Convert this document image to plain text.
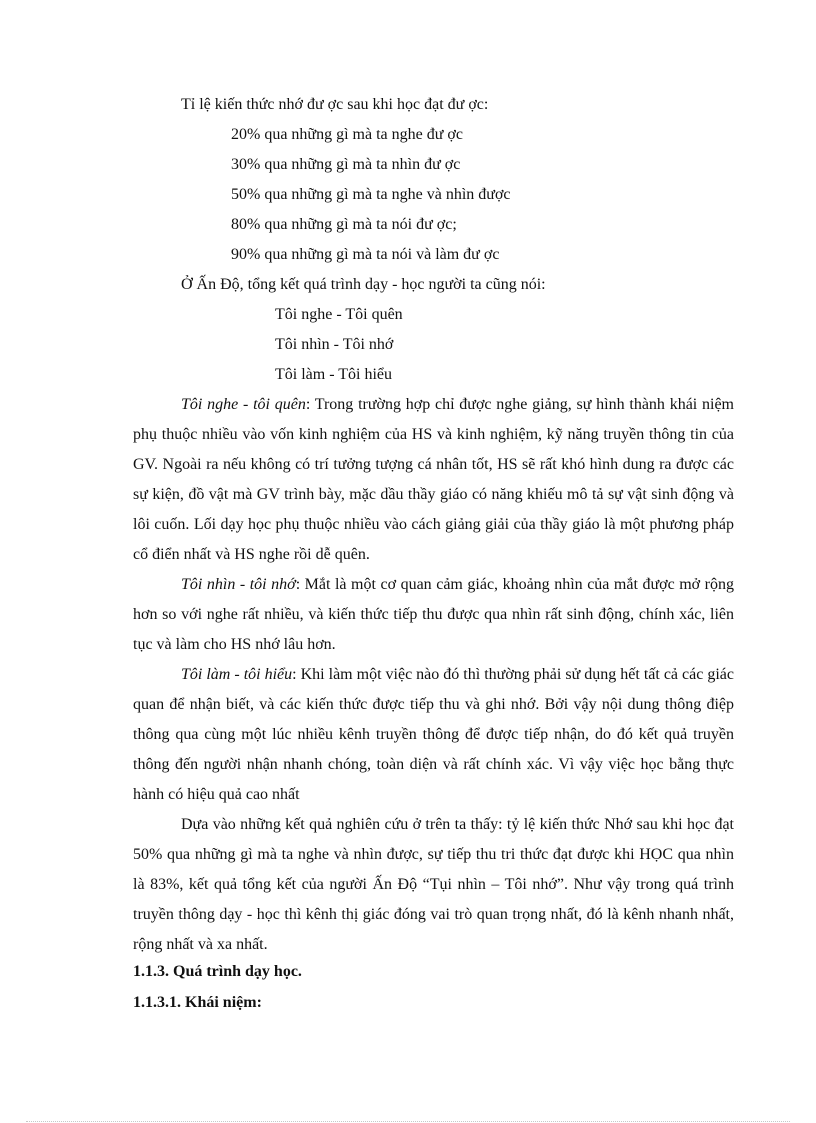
Tỉ lệ kiến thức nhớ đư ợc sau khi học đạt đư ợc:
20% qua những gì mà ta nghe đư ợc
30% qua những gì mà ta nhìn đư ợc
50% qua những gì mà ta nghe và nhìn được
80% qua những gì mà ta nói đư ợc;
90% qua những gì mà ta nói và làm đư ợc
Ở Ấn Độ, tổng kết quá trình dạy - học người ta cũng nói:
Tôi nghe - Tôi quên
Tôi nhìn - Tôi nhớ
Tôi làm - Tôi hiểu
Tôi nghe - tôi quên: Trong trường hợp chỉ được nghe giảng, sự hình thành khái niệm phụ thuộc nhiều vào vốn kinh nghiệm của HS và kinh nghiệm, kỹ năng truyền thông tin của GV. Ngoài ra nếu không có trí tưởng tượng cá nhân tốt, HS sẽ rất khó hình dung ra được các sự kiện, đồ vật mà GV trình bày, mặc dầu thầy giáo có năng khiếu mô tả sự vật sinh động và lôi cuốn. Lối dạy học phụ thuộc nhiều vào cách giảng giải của thầy giáo là một phương pháp cổ điển nhất và HS nghe rồi dễ quên.
Tôi nhìn - tôi nhớ: Mắt là một cơ quan cảm giác, khoảng nhìn của mắt được mở rộng hơn so với nghe rất nhiều, và kiến thức tiếp thu được qua nhìn rất sinh động, chính xác, liên tục và làm cho HS nhớ lâu hơn.
Tôi làm - tôi hiểu: Khi làm một việc nào đó thì thường phải sử dụng hết tất cả các giác quan để nhận biết, và các kiến thức được tiếp thu và ghi nhớ. Bởi vậy nội dung thông điệp thông qua cùng một lúc nhiều kênh truyền thông để được tiếp nhận, do đó kết quả truyền thông đến người nhận nhanh chóng, toàn diện và rất chính xác. Vì vậy việc học bằng thực hành có hiệu quả cao nhất
Dựa vào những kết quả nghiên cứu ở trên ta thấy: tỷ lệ kiến thức Nhớ sau khi học đạt 50% qua những gì mà ta nghe và nhìn được, sự tiếp thu tri thức đạt được khi HỌC qua nhìn là 83%, kết quả tổng kết của người Ấn Độ “Tụi nhìn – Tôi nhớ”. Như vậy trong quá trình truyền thông dạy - học thì kênh thị giác đóng vai trò quan trọng nhất, đó là kênh nhanh nhất, rộng nhất và xa nhất.
1.1.3. Quá trình dạy học.
1.1.3.1. Khái niệm:
